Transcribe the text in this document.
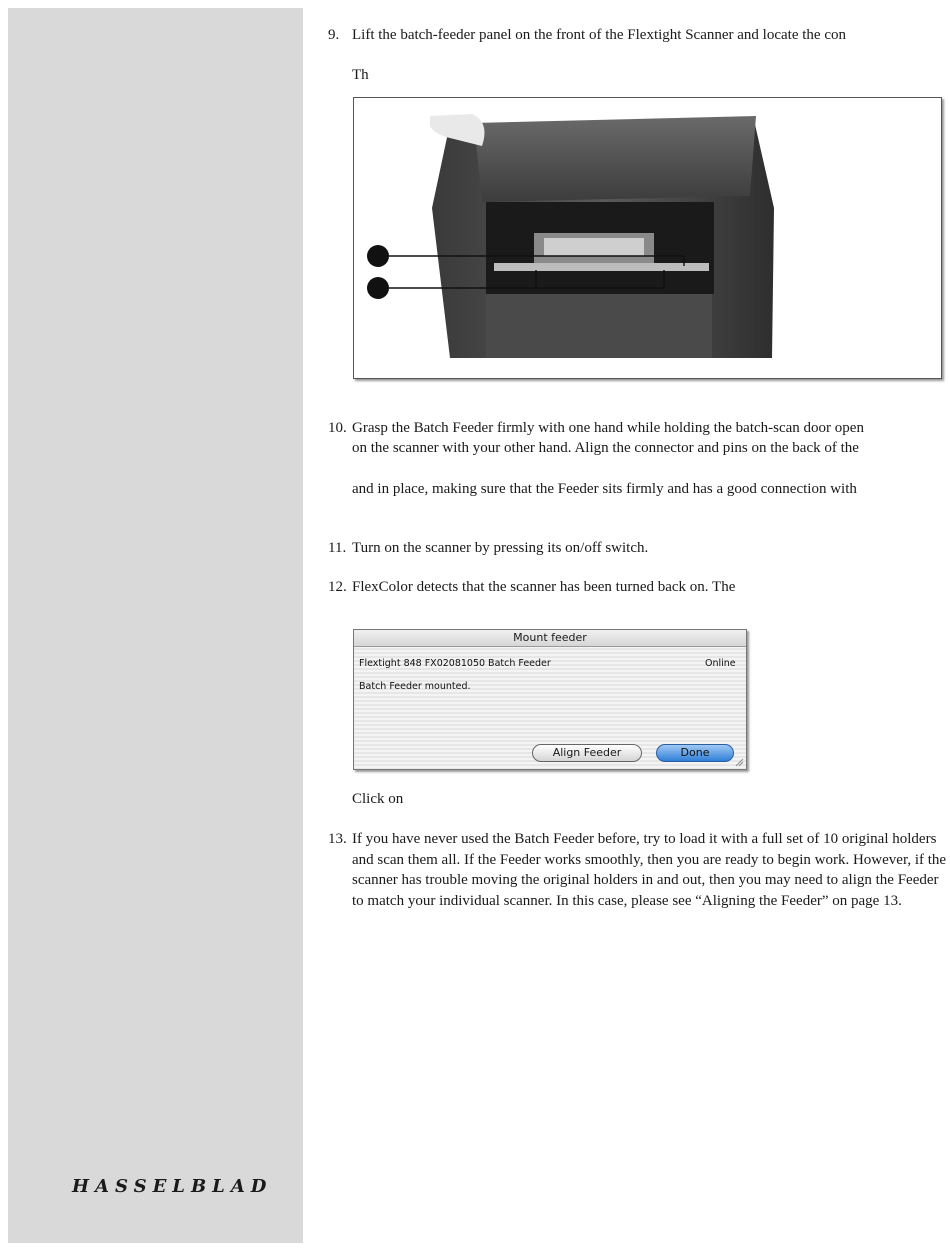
HASSELBLAD
9. Lift the batch-feeder panel on the front of the Flextight Scanner and locate the con
Th
10. Grasp the Batch Feeder firmly with one hand while holding the batch-scan door open
on the scanner with your other hand. Align the connector and pins on the back of the
and in place, making sure that the Feeder sits firmly and has a good connection with
11. Turn on the scanner by pressing its on/off switch.
12. FlexColor detects that the scanner has been turned back on. The
Mount feeder
Flextight 848 FX02081050 Batch Feeder	Online
Batch Feeder mounted.
Align Feeder	Done
Click on
13. If you have never used the Batch Feeder before, try to load it with a full set of 10 original holders and scan them all. If the Feeder works smoothly, then you are ready to begin work. However, if the scanner has trouble moving the original holders in and out, then you may need to align the Feeder to match your individual scanner. In this case, please see “Aligning the Feeder” on page 13.
